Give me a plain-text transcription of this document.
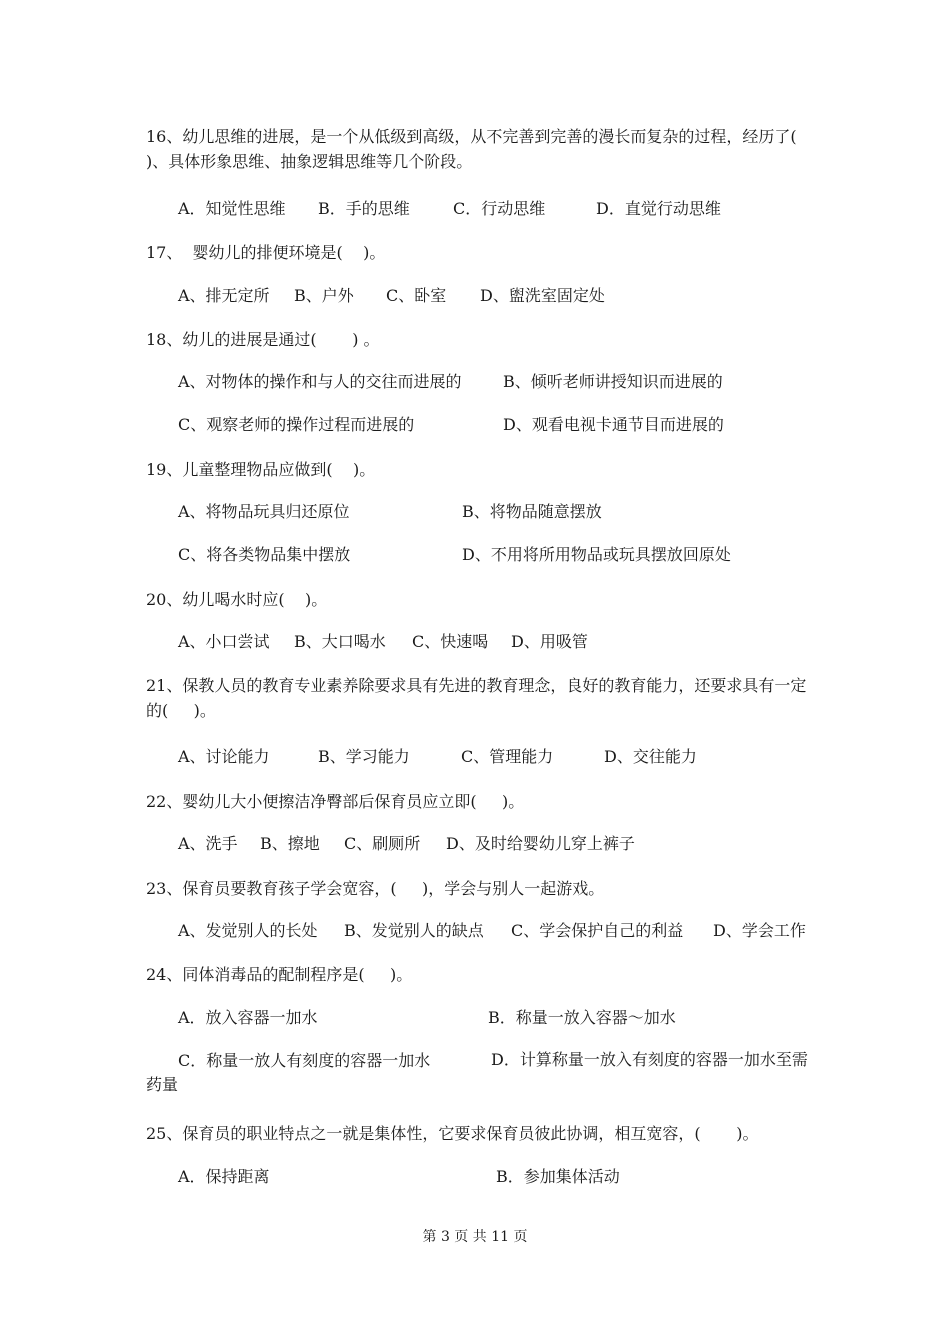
16、幼儿思维的进展，是一个从低级到高级，从不完善到完善的漫长而复杂的过程，经历了(      )、具体形象思维、抽象逻辑思维等几个阶段。
A．知觉性思维 B．手的思维	C．行动思维	D．直觉行动思维
17、  婴幼儿的排便环境是(    )。
A、排无定所 B、户外 C、卧室 D、盥洗室固定处
18、幼儿的进展是通过(       ) 。
A、对物体的操作和与人的交往而进展的	B、倾听老师讲授知识而进展的
C、观察老师的操作过程而进展的	D、观看电视卡通节目而进展的
19、儿童整理物品应做到(    )。
A、将物品玩具归还原位	B、将物品随意摆放
C、将各类物品集中摆放	D、不用将所用物品或玩具摆放回原处
20、幼儿喝水时应(    )。
A、小口尝试 B、大口喝水 C、快速喝 D、用吸管
21、保教人员的教育专业素养除要求具有先进的教育理念，良好的教育能力，还要求具有一定的(     )。
A、讨论能力	B、学习能力	C、管理能力	D、交往能力
22、婴幼儿大小便擦洁净臀部后保育员应立即(     )。
A、洗手 B、擦地 C、刷厕所 D、及时给婴幼儿穿上裤子
23、保育员要教育孩子学会宽容，(     )，学会与别人一起游戏。
A、发觉别人的长处 B、发觉别人的缺点 C、学会保护自己的利益 D、学会工作
24、同体消毒品的配制程序是(     )。
A．放入容器一加水	B．称量一放入容器～加水
C．称量一放人有刻度的容器一加水	D．计算称量一放入有刻度的容器一加水至需药量
25、保育员的职业特点之一就是集体性，它要求保育员彼此协调，相互宽容，(       )。
A．保持距离	B．参加集体活动
第 3 页 共 11 页
